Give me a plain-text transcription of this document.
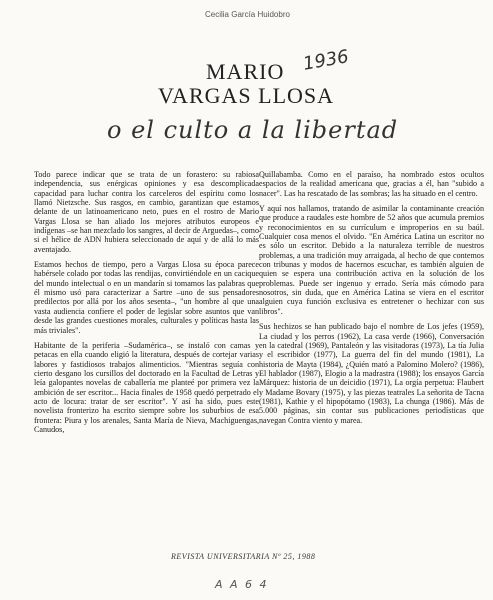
Cecilia García Huidobro
MARIO
VARGAS LLOSA
1936
o el culto a la libertad

Todo parece indicar que se trata de un forastero: su rabiosa independencia, sus enérgicas opiniones y esa descomplicada capacidad para luchar contra los carceleros del espíritu como los llamó Nietzsche. Sus rasgos, en cambio, garantizan que estamos delante de un latinoamericano neto, pues en el rostro de Mario Vargas Llosa se han aliado los mejores atributos europeos e indígenas –se han mezclado los sangres, al decir de Arguedas–, como si el hélice de ADN hubiera seleccionado de aquí y de allá lo más aventajado.

Estamos hechos de tiempo, pero a Vargas Llosa su época parece habérsele colado por todas las rendijas, convirtiéndole en un cacique del mundo intelectual o en un mandarín si tomamos las palabras que él mismo usó para caracterizar a Sartre –uno de sus pensadores predilectos por allá por los años sesenta–, "un hombre al que una vasta audiencia confiere el poder de legislar sobre asuntos que van desde las grandes cuestiones morales, culturales y políticas hasta las más triviales".

Habitante de la periferia –Sudamérica–, se instaló con camas y petacas en ella cuando eligió la literatura, después de cortejar varias labores y fastidiosos trabajos alimenticios. "Mientras seguía con cierto desgano los cursillos del doctorado en la Facultad de Letras y leía galopantes novelas de caballería me planteé por primera vez la ambición de ser escritor... Hacia finales de 1958 quedó perpetrado el acto de locura: tratar de ser escritor". Y así ha sido, pues este novelista fronterizo ha escrito siempre sobre los suburbios de esa frontera: Piura y los arenales, Santa María de Nieva, Machiguengas, Canudos,

Quillabamba. Como en el paraíso, ha nombrado estos ocultos espacios de la realidad americana que, gracias a él, han "subido a nacer". Las ha rescatado de las sombras; las ha situado en el centro.

Y aquí nos hallamos, tratando de asimilar la contaminante creación que produce a raudales este hombre de 52 años que acumula premios y reconocimientos en su currículum e improperios en su baúl. Cualquier cosa menos el olvido. "En América Latina un escritor no es sólo un escritor. Debido a la naturaleza terrible de nuestros problemas, a una tradición muy arraigada, al hecho de que contemos con tribunas y modos de hacernos escuchar, es también alguien de quien se espera una contribución activa en la solución de los problemas. Puede ser ingenuo y errado. Sería más cómodo para nosotros, sin duda, que en América Latina se viera en el escritor alguien cuya función exclusiva es entretener o hechizar con sus libros".

Sus hechizos se han publicado bajo el nombre de Los jefes (1959), La ciudad y los perros (1962), La casa verde (1966), Conversación en la catedral (1969), Pantaleón y las visitadoras (1973), La tía Julia y el escribidor (1977), La guerra del fin del mundo (1981), La historia de Mayta (1984), ¿Quién mató a Palomino Molero? (1986), El hablador (1987), Elogio a la madrastra (1988); los ensayos García Márquez: historia de un deicidio (1971), La orgía perpetua: Flaubert y Madame Bovary (1975), y las piezas teatrales La señorita de Tacna (1981), Kathie y el hipopótamo (1983), La chunga (1986). Más de 5.000 páginas, sin contar sus publicaciones periodísticas que navegan Contra viento y marea.

REVISTA UNIVERSITARIA Nº 25, 1988
A A 6 4
